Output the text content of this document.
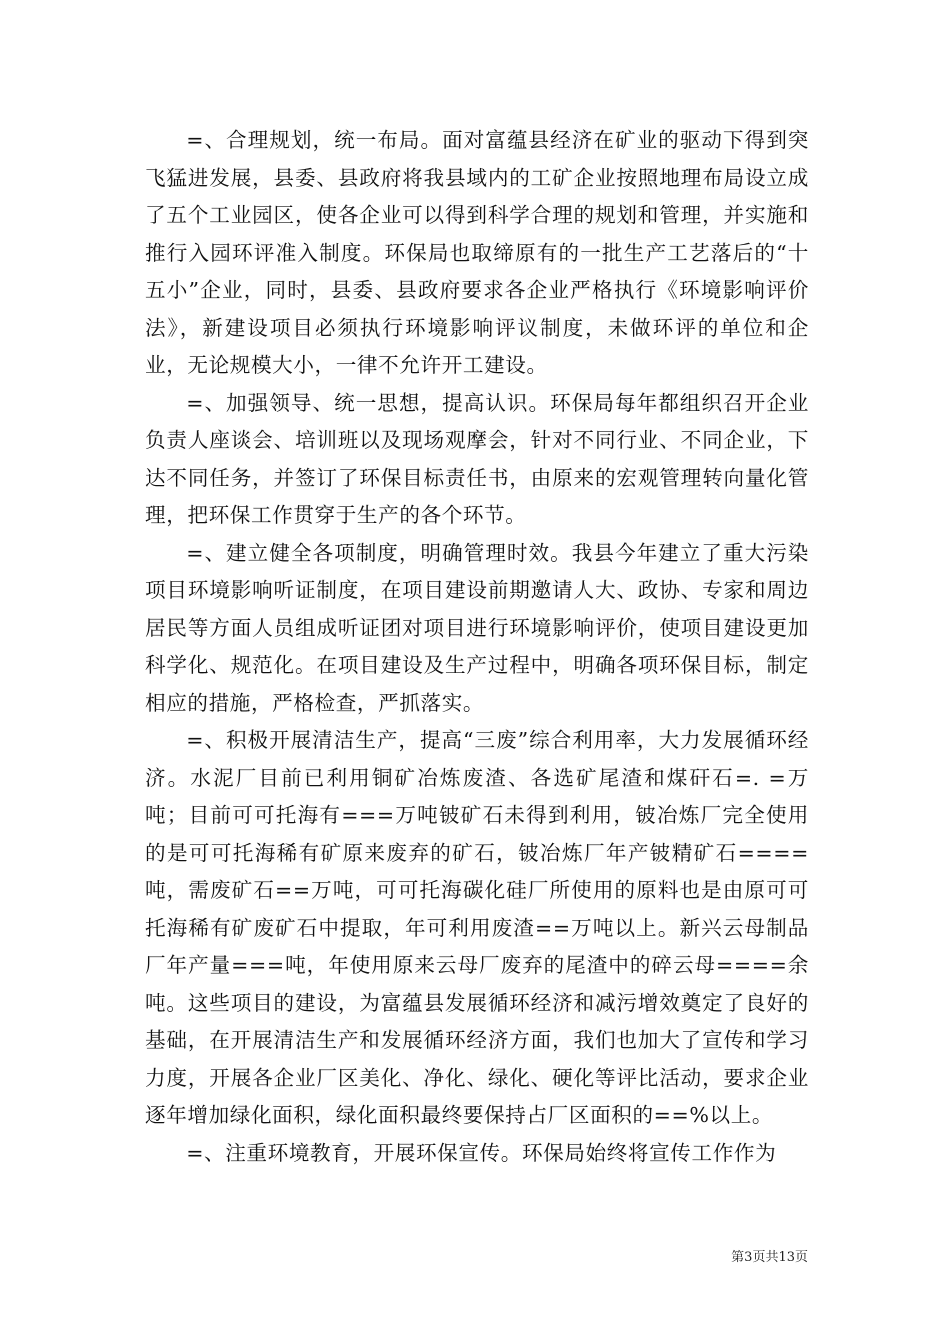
=、合理规划，统一布局。面对富蕴县经济在矿业的驱动下得到突飞猛进发展，县委、县政府将我县域内的工矿企业按照地理布局设立成了五个工业园区，使各企业可以得到科学合理的规划和管理，并实施和推行入园环评准入制度。环保局也取缔原有的一批生产工艺落后的“十五小”企业，同时，县委、县政府要求各企业严格执行《环境影响评价法》，新建设项目必须执行环境影响评议制度，未做环评的单位和企业，无论规模大小，一律不允许开工建设。

=、加强领导、统一思想，提高认识。环保局每年都组织召开企业负责人座谈会、培训班以及现场观摩会，针对不同行业、不同企业，下达不同任务，并签订了环保目标责任书，由原来的宏观管理转向量化管理，把环保工作贯穿于生产的各个环节。

=、建立健全各项制度，明确管理时效。我县今年建立了重大污染项目环境影响听证制度，在项目建设前期邀请人大、政协、专家和周边居民等方面人员组成听证团对项目进行环境影响评价，使项目建设更加科学化、规范化。在项目建设及生产过程中，明确各项环保目标，制定相应的措施，严格检查，严抓落实。

=、积极开展清洁生产，提高“三废”综合利用率，大力发展循环经济。水泥厂目前已利用铜矿冶炼废渣、各选矿尾渣和煤矸石=. =万吨；目前可可托海有===万吨铍矿石未得到利用，铍冶炼厂完全使用的是可可托海稀有矿原来废弃的矿石，铍冶炼厂年产铍精矿石====吨，需废矿石==万吨，可可托海碳化硅厂所使用的原料也是由原可可托海稀有矿废矿石中提取，年可利用废渣==万吨以上。新兴云母制品厂年产量===吨，年使用原来云母厂废弃的尾渣中的碎云母====余吨。这些项目的建设，为富蕴县发展循环经济和减污增效奠定了良好的基础，在开展清洁生产和发展循环经济方面，我们也加大了宣传和学习力度，开展各企业厂区美化、净化、绿化、硬化等评比活动，要求企业逐年增加绿化面积，绿化面积最终要保持占厂区面积的==%以上。

=、注重环境教育，开展环保宣传。环保局始终将宣传工作作为

第3页共13页
